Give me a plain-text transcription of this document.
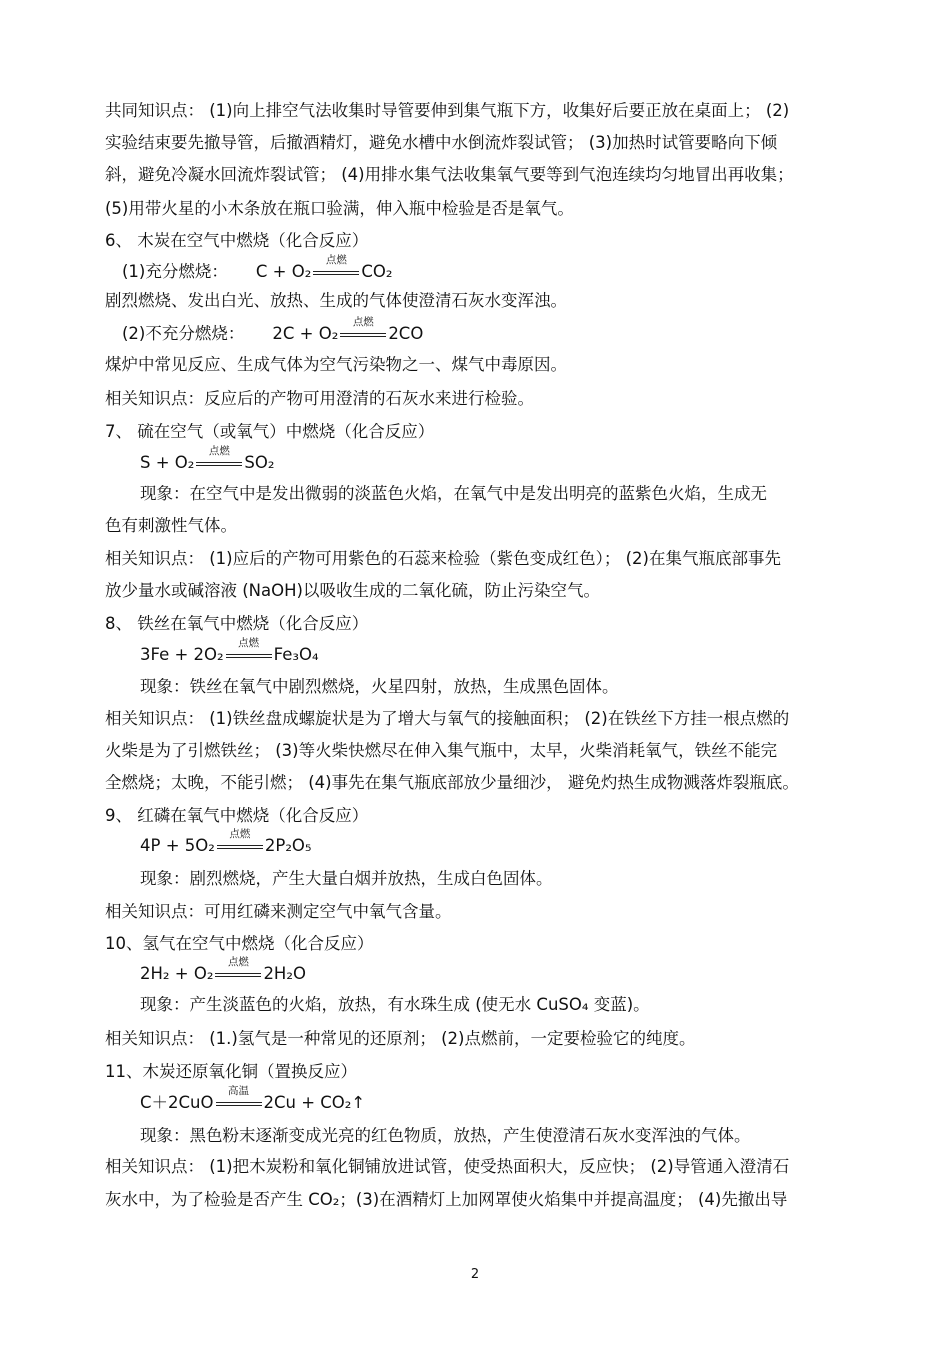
共同知识点： (1)向上排空气法收集时导管要伸到集气瓶下方，收集好后要正放在桌面上； (2)
实验结束要先撤导管，后撤酒精灯，避免水槽中水倒流炸裂试管； (3)加热时试管要略向下倾
斜，避免冷凝水回流炸裂试管； (4)用排水集气法收集氧气要等到气泡连续均匀地冒出再收集；
(5)用带火星的小木条放在瓶口验满，伸入瓶中检验是否是氧气。
6、 木炭在空气中燃烧（化合反应）
剧烈燃烧、发出白光、放热、生成的气体使澄清石灰水变浑浊。
煤炉中常见反应、生成气体为空气污染物之一、煤气中毒原因。
相关知识点：反应后的产物可用澄清的石灰水来进行检验。
7、 硫在空气（或氧气）中燃烧（化合反应）
现象：在空气中是发出微弱的淡蓝色火焰，在氧气中是发出明亮的蓝紫色火焰，生成无
色有刺激性气体。
相关知识点： (1)应后的产物可用紫色的石蕊来检验（紫色变成红色）； (2)在集气瓶底部事先
放少量水或碱溶液 (NaOH)以吸收生成的二氧化硫，防止污染空气。
8、 铁丝在氧气中燃烧（化合反应）
现象：铁丝在氧气中剧烈燃烧，火星四射，放热，生成黑色固体。
相关知识点： (1)铁丝盘成螺旋状是为了增大与氧气的接触面积； (2)在铁丝下方挂一根点燃的
火柴是为了引燃铁丝； (3)等火柴快燃尽在伸入集气瓶中，太早，火柴消耗氧气，铁丝不能完
全燃烧；太晚，不能引燃； (4)事先在集气瓶底部放少量细沙， 避免灼热生成物溅落炸裂瓶底。
9、 红磷在氧气中燃烧（化合反应）
现象：剧烈燃烧，产生大量白烟并放热，生成白色固体。
相关知识点：可用红磷来测定空气中氧气含量。
10、氢气在空气中燃烧（化合反应）
现象：产生淡蓝色的火焰，放热，有水珠生成 (使无水 CuSO₄ 变蓝)。
相关知识点： (1.)氢气是一种常见的还原剂； (2)点燃前，一定要检验它的纯度。
11、木炭还原氧化铜（置换反应）
现象：黑色粉末逐渐变成光亮的红色物质，放热，产生使澄清石灰水变浑浊的气体。
相关知识点： (1)把木炭粉和氧化铜铺放进试管，使受热面积大，反应快； (2)导管通入澄清石
灰水中，为了检验是否产生 CO₂；(3)在酒精灯上加网罩使火焰集中并提高温度； (4)先撤出导
(1)充分燃烧： C + O₂
点燃
CO₂
(2)不充分燃烧： 2C + O₂
点燃
2CO
S + O₂
点燃
SO₂
3Fe + 2O₂
点燃
Fe₃O₄
4P + 5O₂
点燃
2P₂O₅
2H₂ + O₂
点燃
2H₂O
C＋2CuO
高温
2Cu + CO₂↑
2
